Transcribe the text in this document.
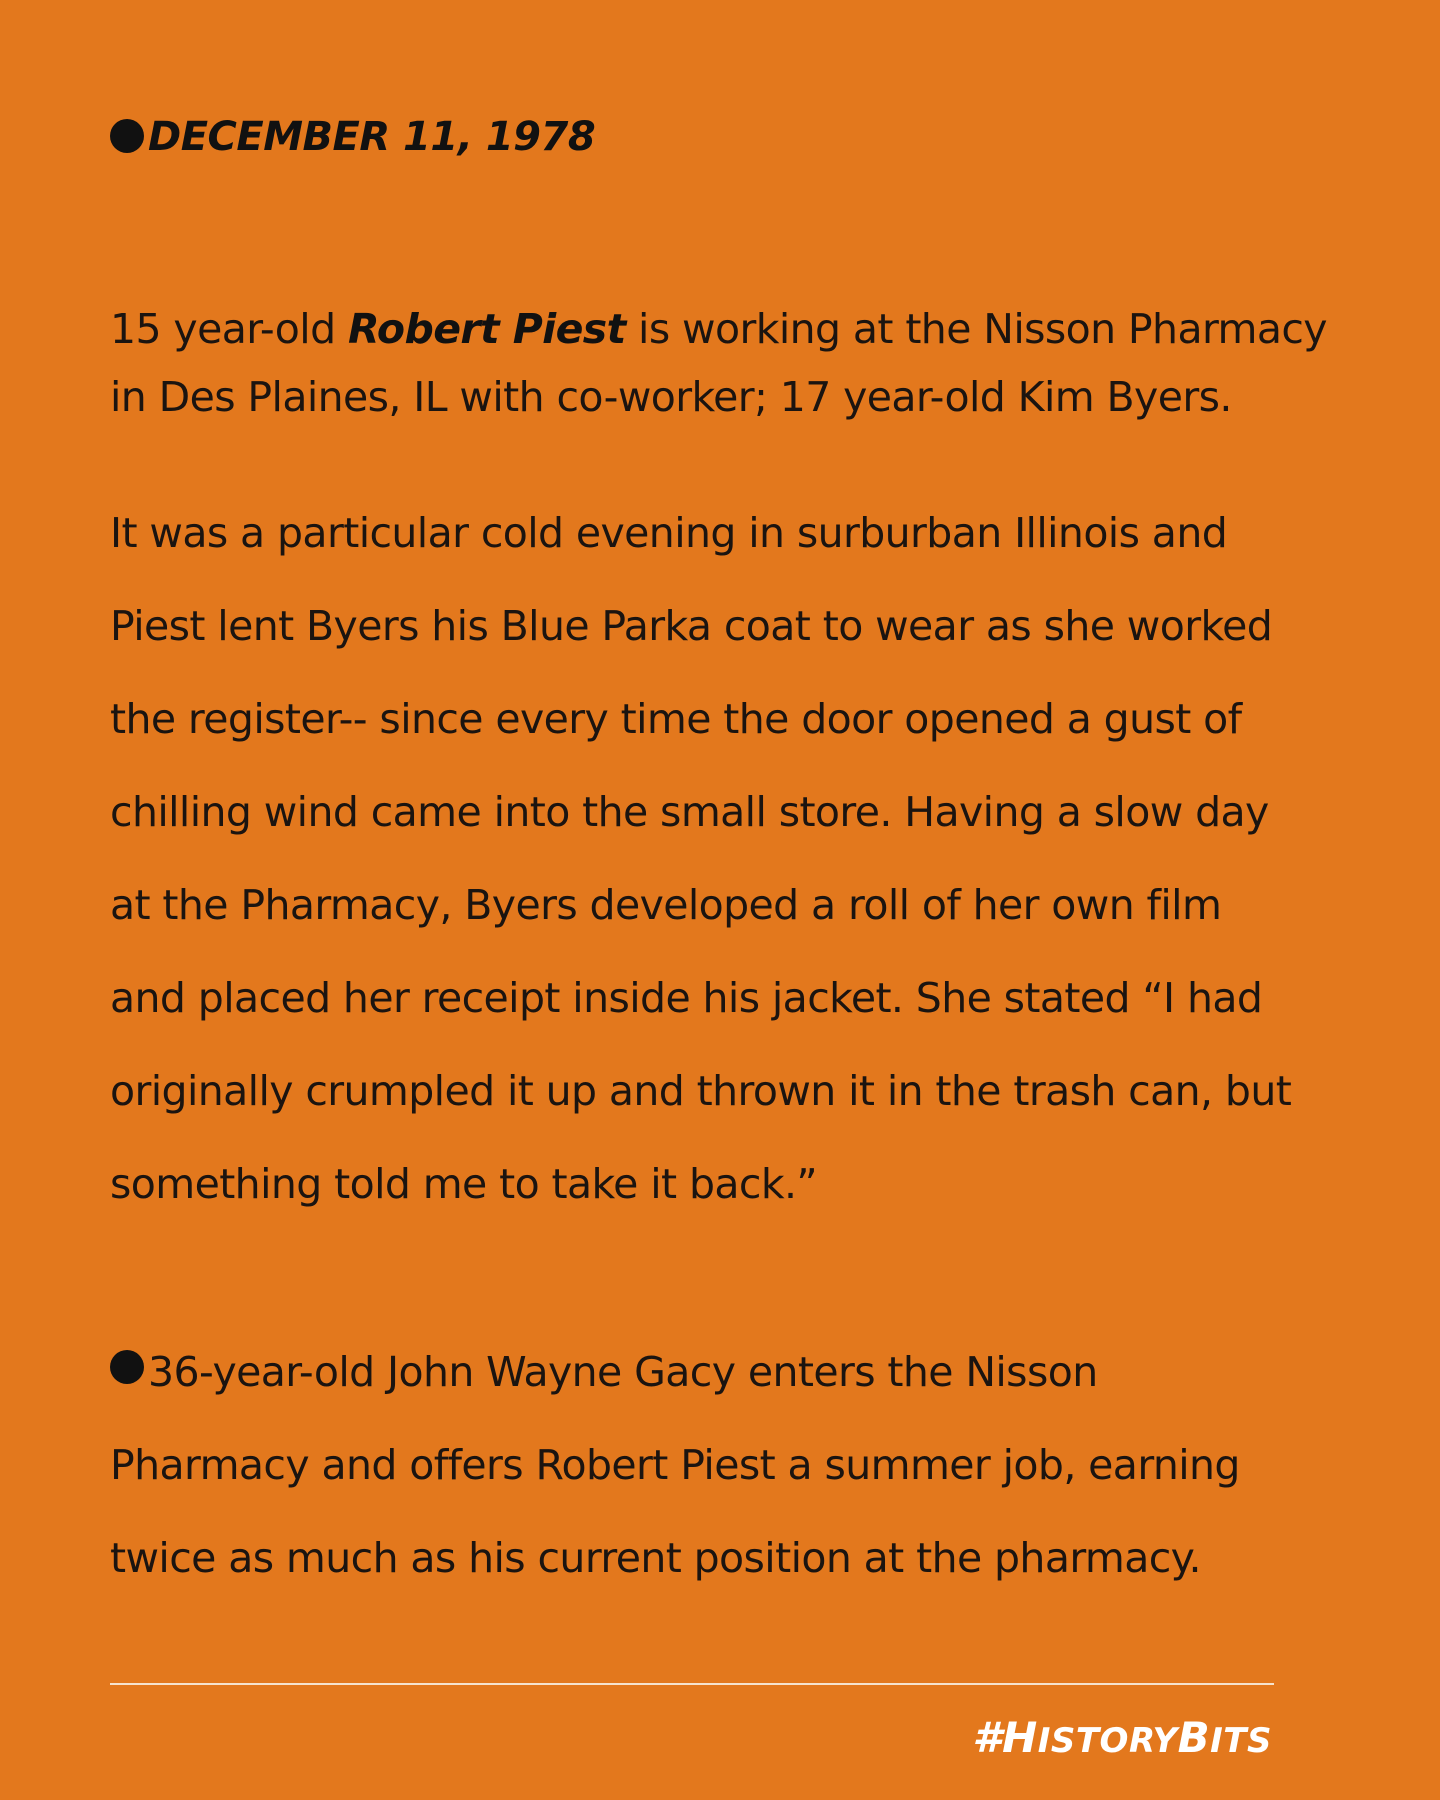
DECEMBER 11, 1978
15 year-old Robert Piest is working at the Nisson Pharmacy
in Des Plaines, IL with co-worker; 17 year-old Kim Byers.
It was a particular cold evening in surburban Illinois and
Piest lent Byers his Blue Parka coat to wear as she worked
the register-- since every time the door opened a gust of
chilling wind came into the small store. Having a slow day
at the Pharmacy, Byers developed a roll of her own film
and placed her receipt inside his jacket. She stated “I had
originally crumpled it up and thrown it in the trash can, but
something told me to take it back.”
36-year-old John Wayne Gacy enters the Nisson
Pharmacy and offers Robert Piest a summer job, earning
twice as much as his current position at the pharmacy.
#HISTORYBITS
